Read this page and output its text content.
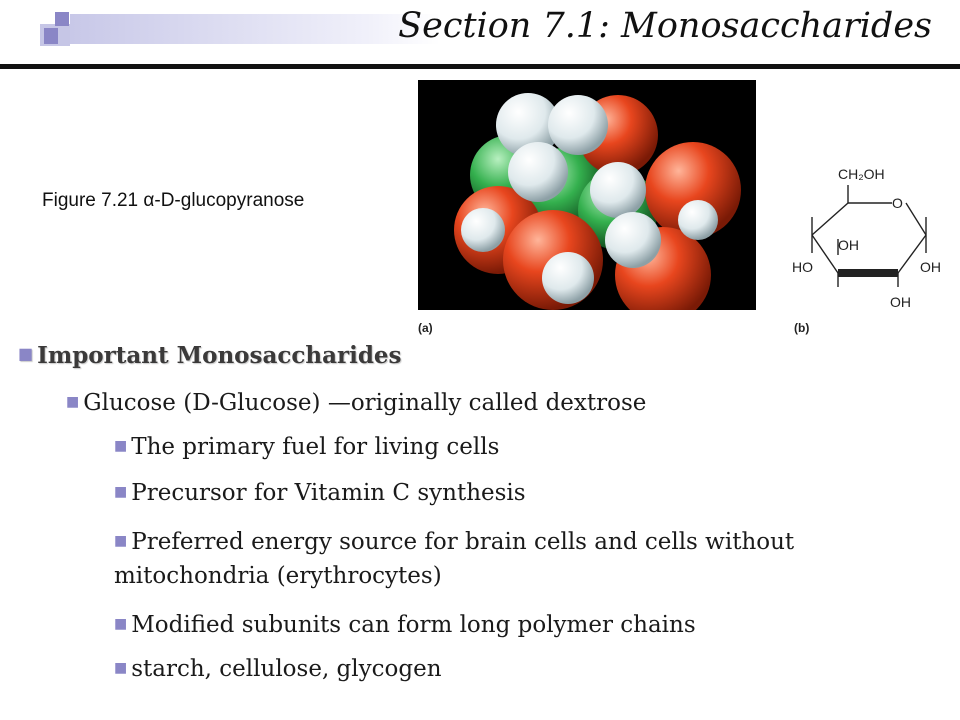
Section 7.1: Monosaccharides
Figure 7.21 α-D-glucopyranose
(a)
CH₂OH
O
OH
HO	OH
OH
(b)
■ Important Monosaccharides
■ Glucose (D-Glucose) —originally called dextrose
■ The primary fuel for living cells
■ Precursor for Vitamin C synthesis
■ Preferred energy source for brain cells and cells without mitochondria (erythrocytes)
■ Modified subunits can form long polymer chains
■ starch, cellulose, glycogen
